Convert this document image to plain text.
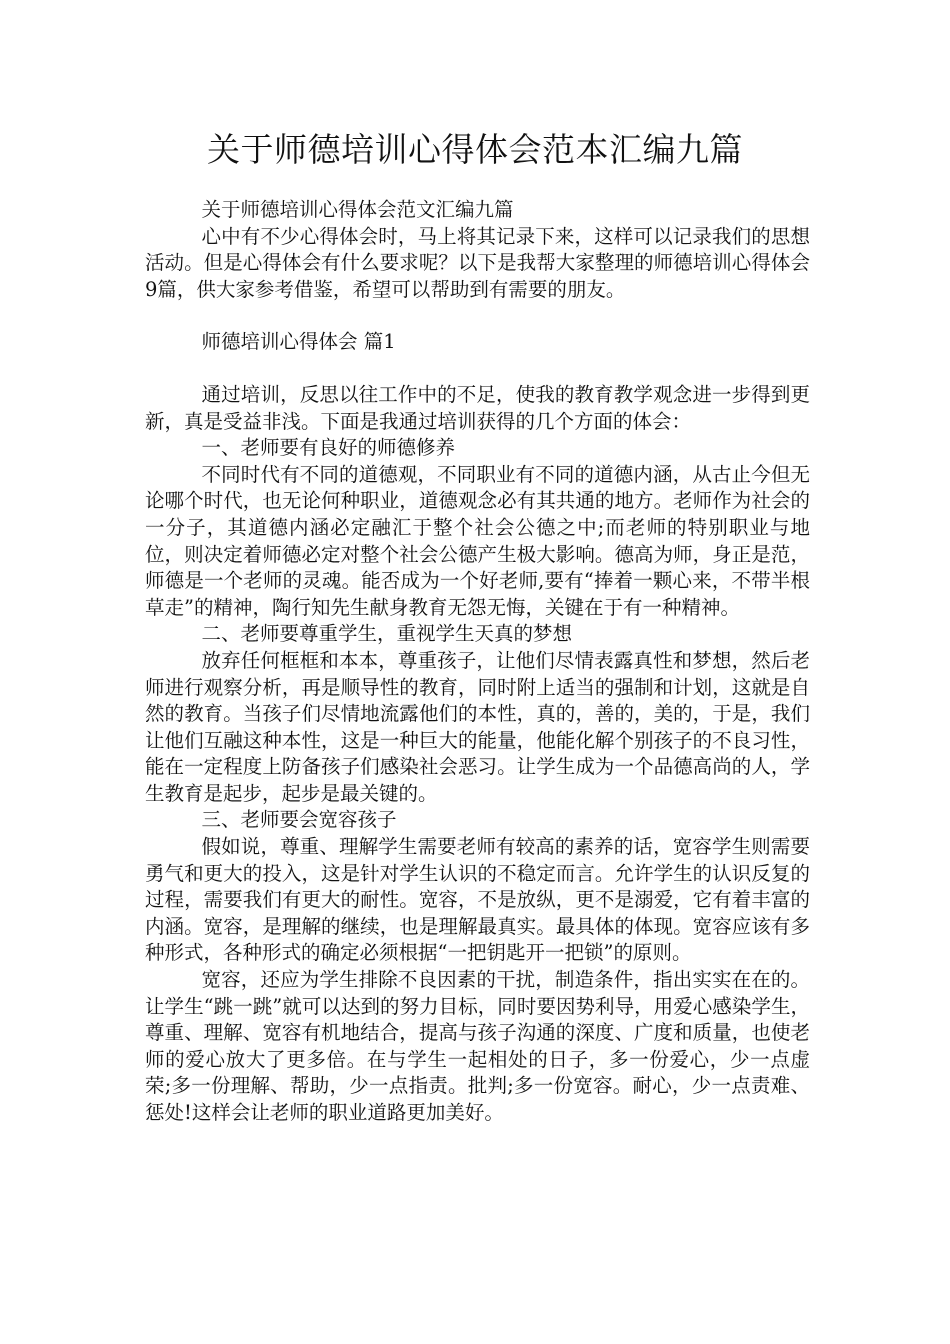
关于师德培训心得体会范本汇编九篇

关于师德培训心得体会范文汇编九篇

心中有不少心得体会时，马上将其记录下来，这样可以记录我们的思想活动。但是心得体会有什么要求呢？以下是我帮大家整理的师德培训心得体会9篇，供大家参考借鉴，希望可以帮助到有需要的朋友。

师德培训心得体会 篇1

通过培训，反思以往工作中的不足，使我的教育教学观念进一步得到更新，真是受益非浅。下面是我通过培训获得的几个方面的体会：

一、老师要有良好的师德修养

不同时代有不同的道德观，不同职业有不同的道德内涵，从古止今但无论哪个时代，也无论何种职业，道德观念必有其共通的地方。老师作为社会的一分子，其道德内涵必定融汇于整个社会公德之中;而老师的特别职业与地位，则决定着师德必定对整个社会公德产生极大影响。德高为师，身正是范，师德是一个老师的灵魂。能否成为一个好老师,要有“捧着一颗心来，不带半根草走”的精神，陶行知先生献身教育无怨无悔，关键在于有一种精神。

二、老师要尊重学生，重视学生天真的梦想

放弃任何框框和本本，尊重孩子，让他们尽情表露真性和梦想，然后老师进行观察分析，再是顺导性的教育，同时附上适当的强制和计划，这就是自然的教育。当孩子们尽情地流露他们的本性，真的，善的，美的，于是，我们让他们互融这种本性，这是一种巨大的能量，他能化解个别孩子的不良习性，能在一定程度上防备孩子们感染社会恶习。让学生成为一个品德高尚的人，学生教育是起步，起步是最关键的。

三、老师要会宽容孩子

假如说，尊重、理解学生需要老师有较高的素养的话，宽容学生则需要勇气和更大的投入，这是针对学生认识的不稳定而言。允许学生的认识反复的过程，需要我们有更大的耐性。宽容，不是放纵，更不是溺爱，它有着丰富的内涵。宽容，是理解的继续，也是理解最真实。最具体的体现。宽容应该有多种形式，各种形式的确定必须根据“一把钥匙开一把锁”的原则。

宽容，还应为学生排除不良因素的干扰，制造条件，指出实实在在的。让学生“跳一跳”就可以达到的努力目标，同时要因势利导，用爱心感染学生，尊重、理解、宽容有机地结合，提高与孩子沟通的深度、广度和质量，也使老师的爱心放大了更多倍。在与学生一起相处的日子，多一份爱心，少一点虚荣;多一份理解、帮助，少一点指责。批判;多一份宽容。耐心，少一点责难、惩处!这样会让老师的职业道路更加美好。
